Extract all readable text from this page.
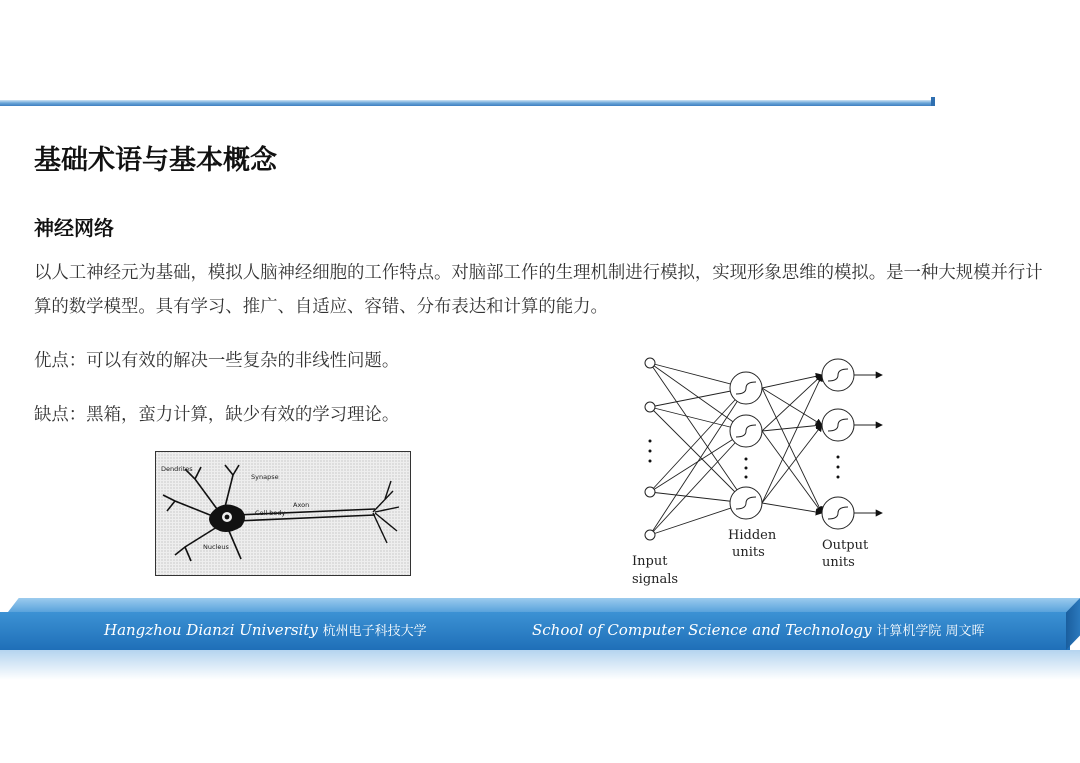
基础术语与基本概念
神经网络
以人工神经元为基础，模拟人脑神经细胞的工作特点。对脑部工作的生理机制进行模拟，实现形象思维的模拟。是一种大规模并行计算的数学模型。具有学习、推广、自适应、容错、分布表达和计算的能力。
优点：可以有效的解决一些复杂的非线性问题。
缺点：黑箱，蛮力计算，缺少有效的学习理论。
Dendrites
Synapse
Axon
Cell body
Nucleus
Input
signals
Hidden
units	Output
units
Hangzhou Dianzi University 杭州电子科技大学	School of Computer Science and Technology 计算机学院 周文晖
